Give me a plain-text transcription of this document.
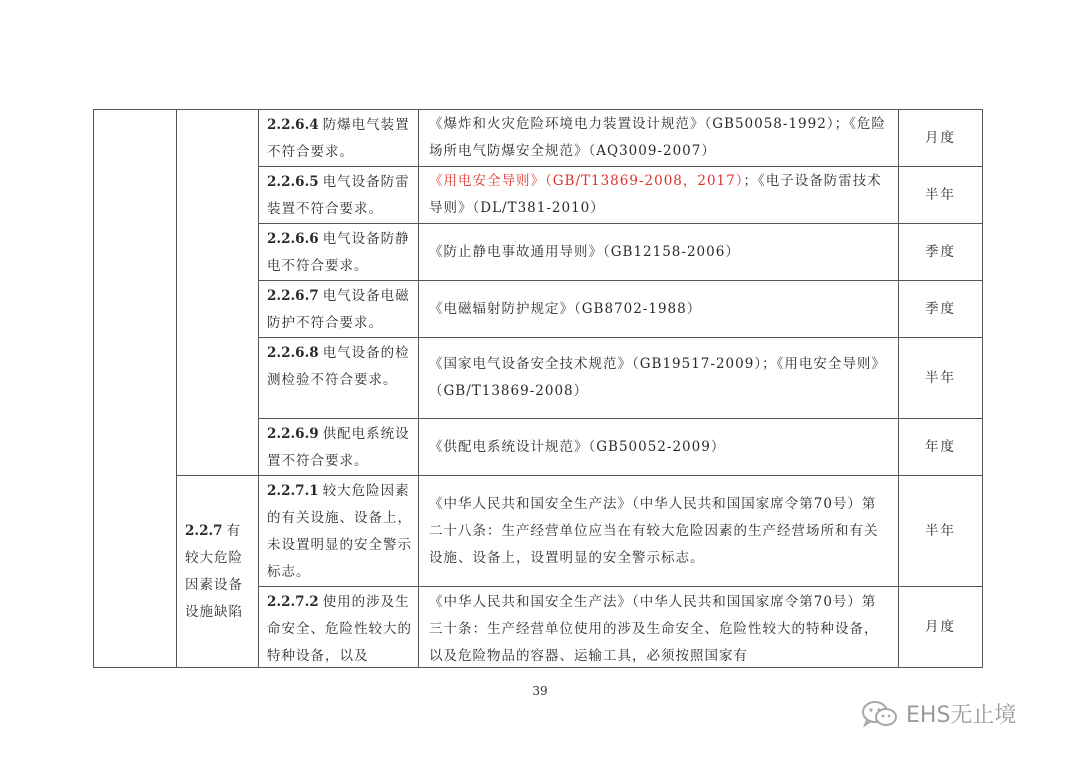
		2.2.6.4 防爆电气装置不符合要求。	《爆炸和火灾危险环境电力装置设计规范》（GB50058-1992）；《危险场所电气防爆安全规范》（AQ3009-2007）	月度
		2.2.6.5 电气设备防雷装置不符合要求。	《用电安全导则》（GB/T13869-2008，2017）；《电子设备防雷技术导则》（DL/T381-2010）	半年
		2.2.6.6 电气设备防静电不符合要求。	《防止静电事故通用导则》（GB12158-2006）	季度
		2.2.6.7 电气设备电磁防护不符合要求。	《电磁辐射防护规定》（GB8702-1988）	季度
		2.2.6.8 电气设备的检测检验不符合要求。	《国家电气设备安全技术规范》（GB19517-2009）；《用电安全导则》（GB/T13869-2008）	半年
		2.2.6.9 供配电系统设置不符合要求。	《供配电系统设计规范》（GB50052-2009）	年度
	2.2.7 有较大危险因素设备设施缺陷	2.2.7.1 较大危险因素的有关设施、设备上，未设置明显的安全警示标志。	《中华人民共和国安全生产法》（中华人民共和国国家席令第70号）第二十八条：生产经营单位应当在有较大危险因素的生产经营场所和有关设施、设备上，设置明显的安全警示标志。	半年

		2.2.7.2 使用的涉及生命安全、危险性较大的特种设备，以及	《中华人民共和国安全生产法》（中华人民共和国国家席令第70号）第三十条：生产经营单位使用的涉及生命安全、危险性较大的特种设备，以及危险物品的容器、运输工具，必须按照国家有	月度
39
EHS无止境
